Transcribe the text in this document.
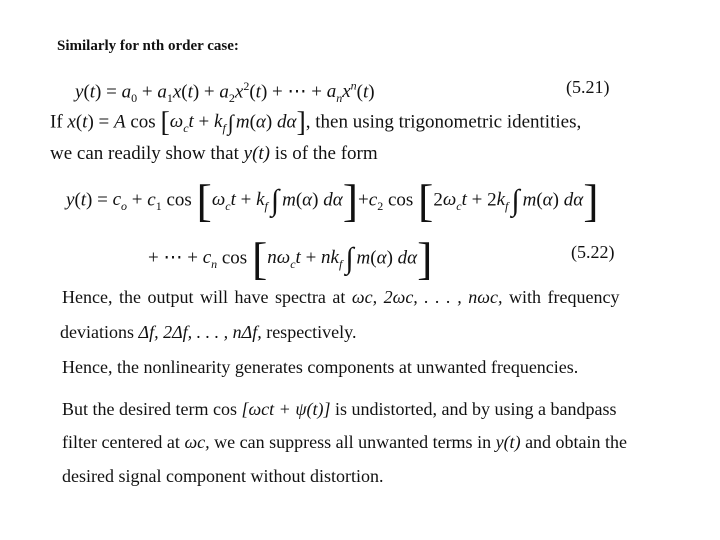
Similarly for nth order case:
$y(t) = a_0 + a_1x(t) + a_2x^2(t)$ + ⋯ + $a_nx^n(t)$	(5.21)
If x(t) = A $\cos [\omega_ct + k_f\int$ m(α) dα], then using trigonometric identities,
we can readily show that y(t) is of the form
$y(t) = c_o + c_1$ $\cos [\omega_ct + k_f$ ∫ m(α) $d\alpha]+c_2$ $\cos [2\omega_ct + 2k_f$ ∫ m(α) dα]
+ ⋯ + $c_n$ $\cos [n\omega_ct + nk_f$ ∫ m(α) dα]	(5.22)
Hence, the output will have spectra at ωc, 2ωc, . . . , nωc, with frequency
deviations Δf, 2Δf, . . . , nΔf, respectively.
Hence, the nonlinearity generates components at unwanted frequencies.
But the desired term cos [ωct + ψ(t)] is undistorted, and by using a bandpass
filter centered at ωc, we can suppress all unwanted terms in y(t) and obtain the
desired signal component without distortion.
